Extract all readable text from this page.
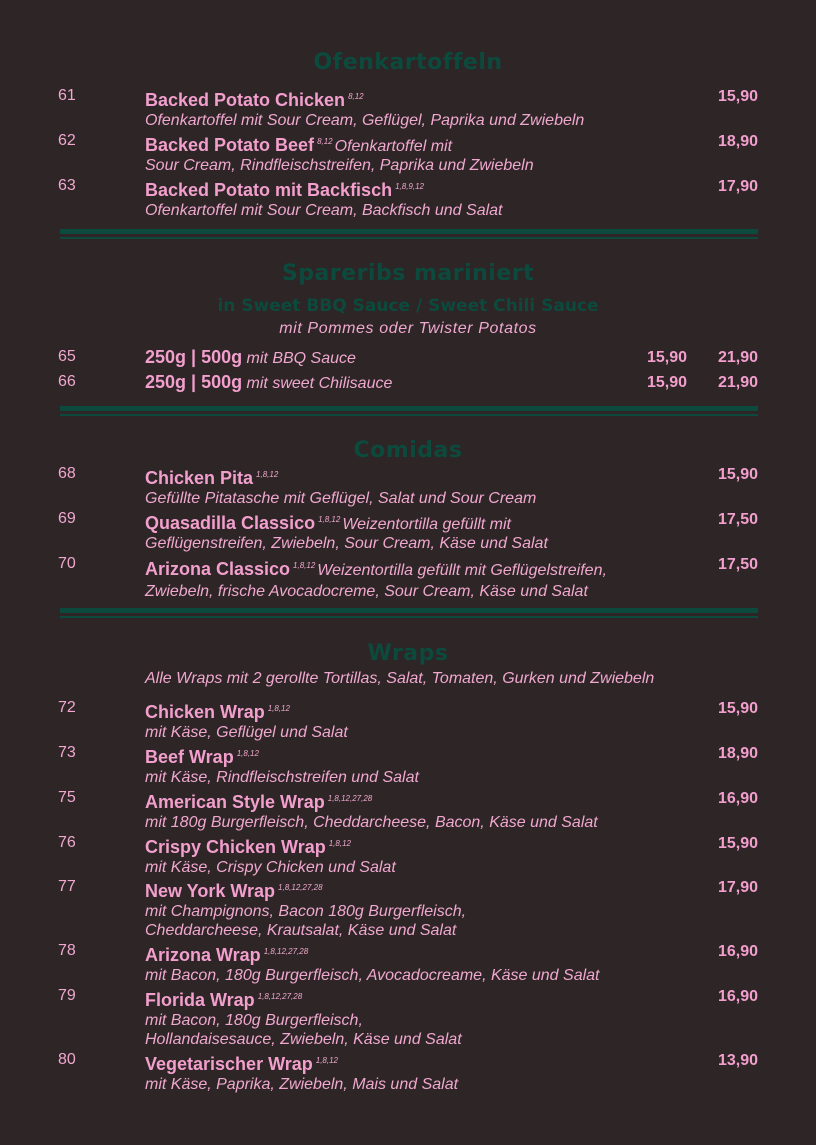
Ofenkartoffeln
61	Backed Potato Chicken $^{8,12}$
Ofenkartoffel mit Sour Cream, Geflügel, Paprika und Zwiebeln
15,90
62	Backed Potato Beef $^{8,12}$ Ofenkartoffel mit
Sour Cream, Rindfleischstreifen, Paprika und Zwiebeln
18,90
63	Backed Potato mit Backfisch $^{1,8,9,12}$
Ofenkartoffel mit Sour Cream, Backfisch und Salat
17,90
Spareribs mariniert
in Sweet BBQ Sauce / Sweet Chili Sauce
mit Pommes oder Twister Potatos
65	250g | 500g mit BBQ Sauce	15,90 21,90
66	250g | 500g mit sweet Chilisauce	15,90 21,90
Comidas
68	Chicken Pita $^{1,8,12}$
Gefüllte Pitatasche mit Geflügel, Salat und Sour Cream
15,90
69	Quasadilla Classico $^{1,8,12}$ Weizentortilla gefüllt mit
Geflügenstreifen, Zwiebeln, Sour Cream, Käse und Salat
17,50
70	Arizona Classico $^{1,8,12}$ Weizentortilla gefüllt mit Geflügelstreifen,
Zwiebeln, frische Avocadocreme, Sour Cream, Käse und Salat
17,50
Wraps
Alle Wraps mit 2 gerollte Tortillas, Salat, Tomaten, Gurken und Zwiebeln
72	Chicken Wrap $^{1,8,12}$
mit Käse, Geflügel und Salat
15,90
73	Beef Wrap $^{1,8,12}$
mit Käse, Rindfleischstreifen und Salat
18,90
75	American Style Wrap $^{1,8,12,27,28}$
mit 180g Burgerfleisch, Cheddarcheese, Bacon, Käse und Salat
16,90
76	Crispy Chicken Wrap $^{1,8,12}$
mit Käse, Crispy Chicken und Salat
15,90
77	New York Wrap $^{1,8,12,27,28}$
mit Champignons, Bacon 180g Burgerfleisch,
Cheddarcheese, Krautsalat, Käse und Salat
17,90
78	Arizona Wrap $^{1,8,12,27,28}$
mit Bacon, 180g Burgerfleisch, Avocadocreame, Käse und Salat
16,90
79	Florida Wrap $^{1,8,12,27,28}$
mit Bacon, 180g Burgerfleisch,
Hollandaisesauce, Zwiebeln, Käse und Salat
16,90
80	Vegetarischer Wrap $^{1,8,12}$
mit Käse, Paprika, Zwiebeln, Mais und Salat
13,90
